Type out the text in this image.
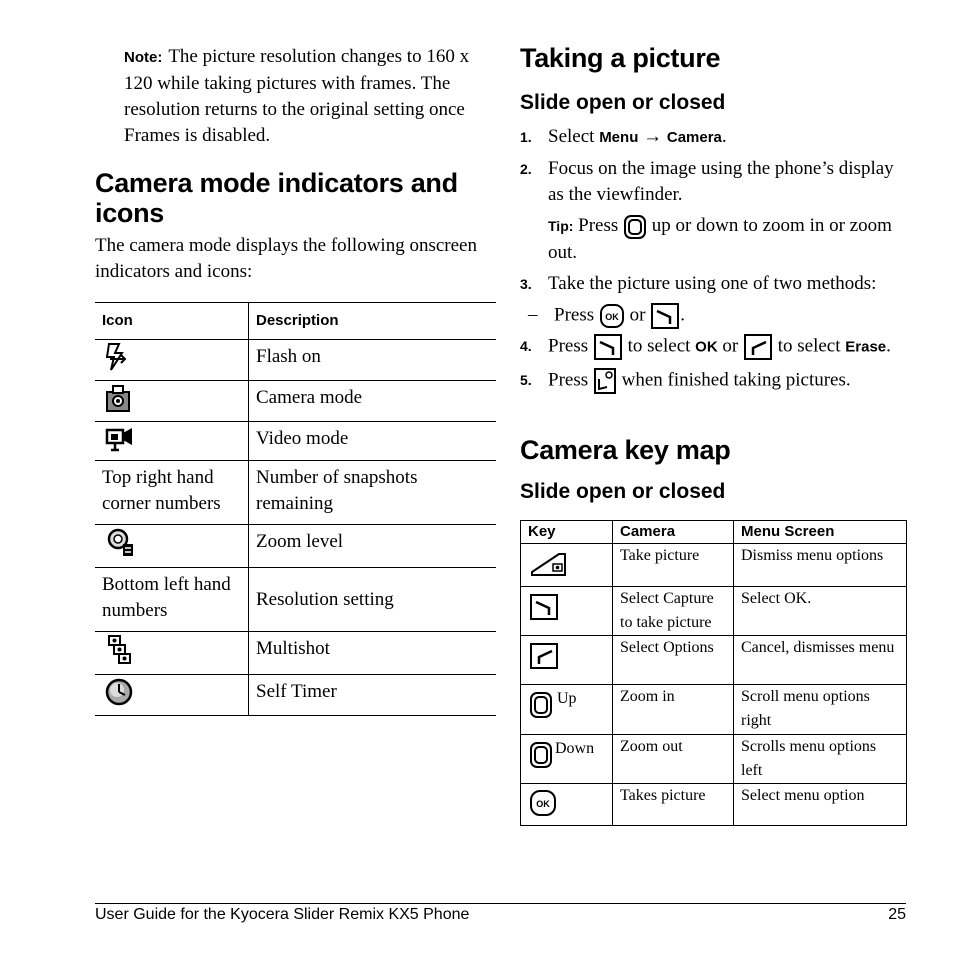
Note: The picture resolution changes to 160 x 120 while taking pictures with frames. The resolution returns to the original setting once Frames is disabled.
Camera mode indicators and icons
The camera mode displays the following onscreen indicators and icons:
Icon	Description
	Flash on
	Camera mode
	Video mode
Top right hand corner numbers	Number of snapshots remaining
	Zoom level
Bottom left hand numbers	Resolution setting
	Multishot
	Self Timer
Taking a picture
Slide open or closed
1. Select Menu → Camera.
2. Focus on the image using the phone’s display as the viewfinder.
Tip: Press up or down to zoom in or zoom out.
3. Take the picture using one of two methods:
– Press OK or .
4. Press to select OK or to select Erase.
5. Press when finished taking pictures.
Camera key map
Slide open or closed
Key	Camera	Menu Screen
	Take picture	Dismiss menu options
	Select Capture to take picture	Select OK.
	Select Options	Cancel, dismisses menu
Up	Zoom in	Scroll menu options right
Down	Zoom out	Scrolls menu options left

OK	Takes picture	Select menu option
User Guide for the Kyocera Slider Remix KX5 Phone	25
